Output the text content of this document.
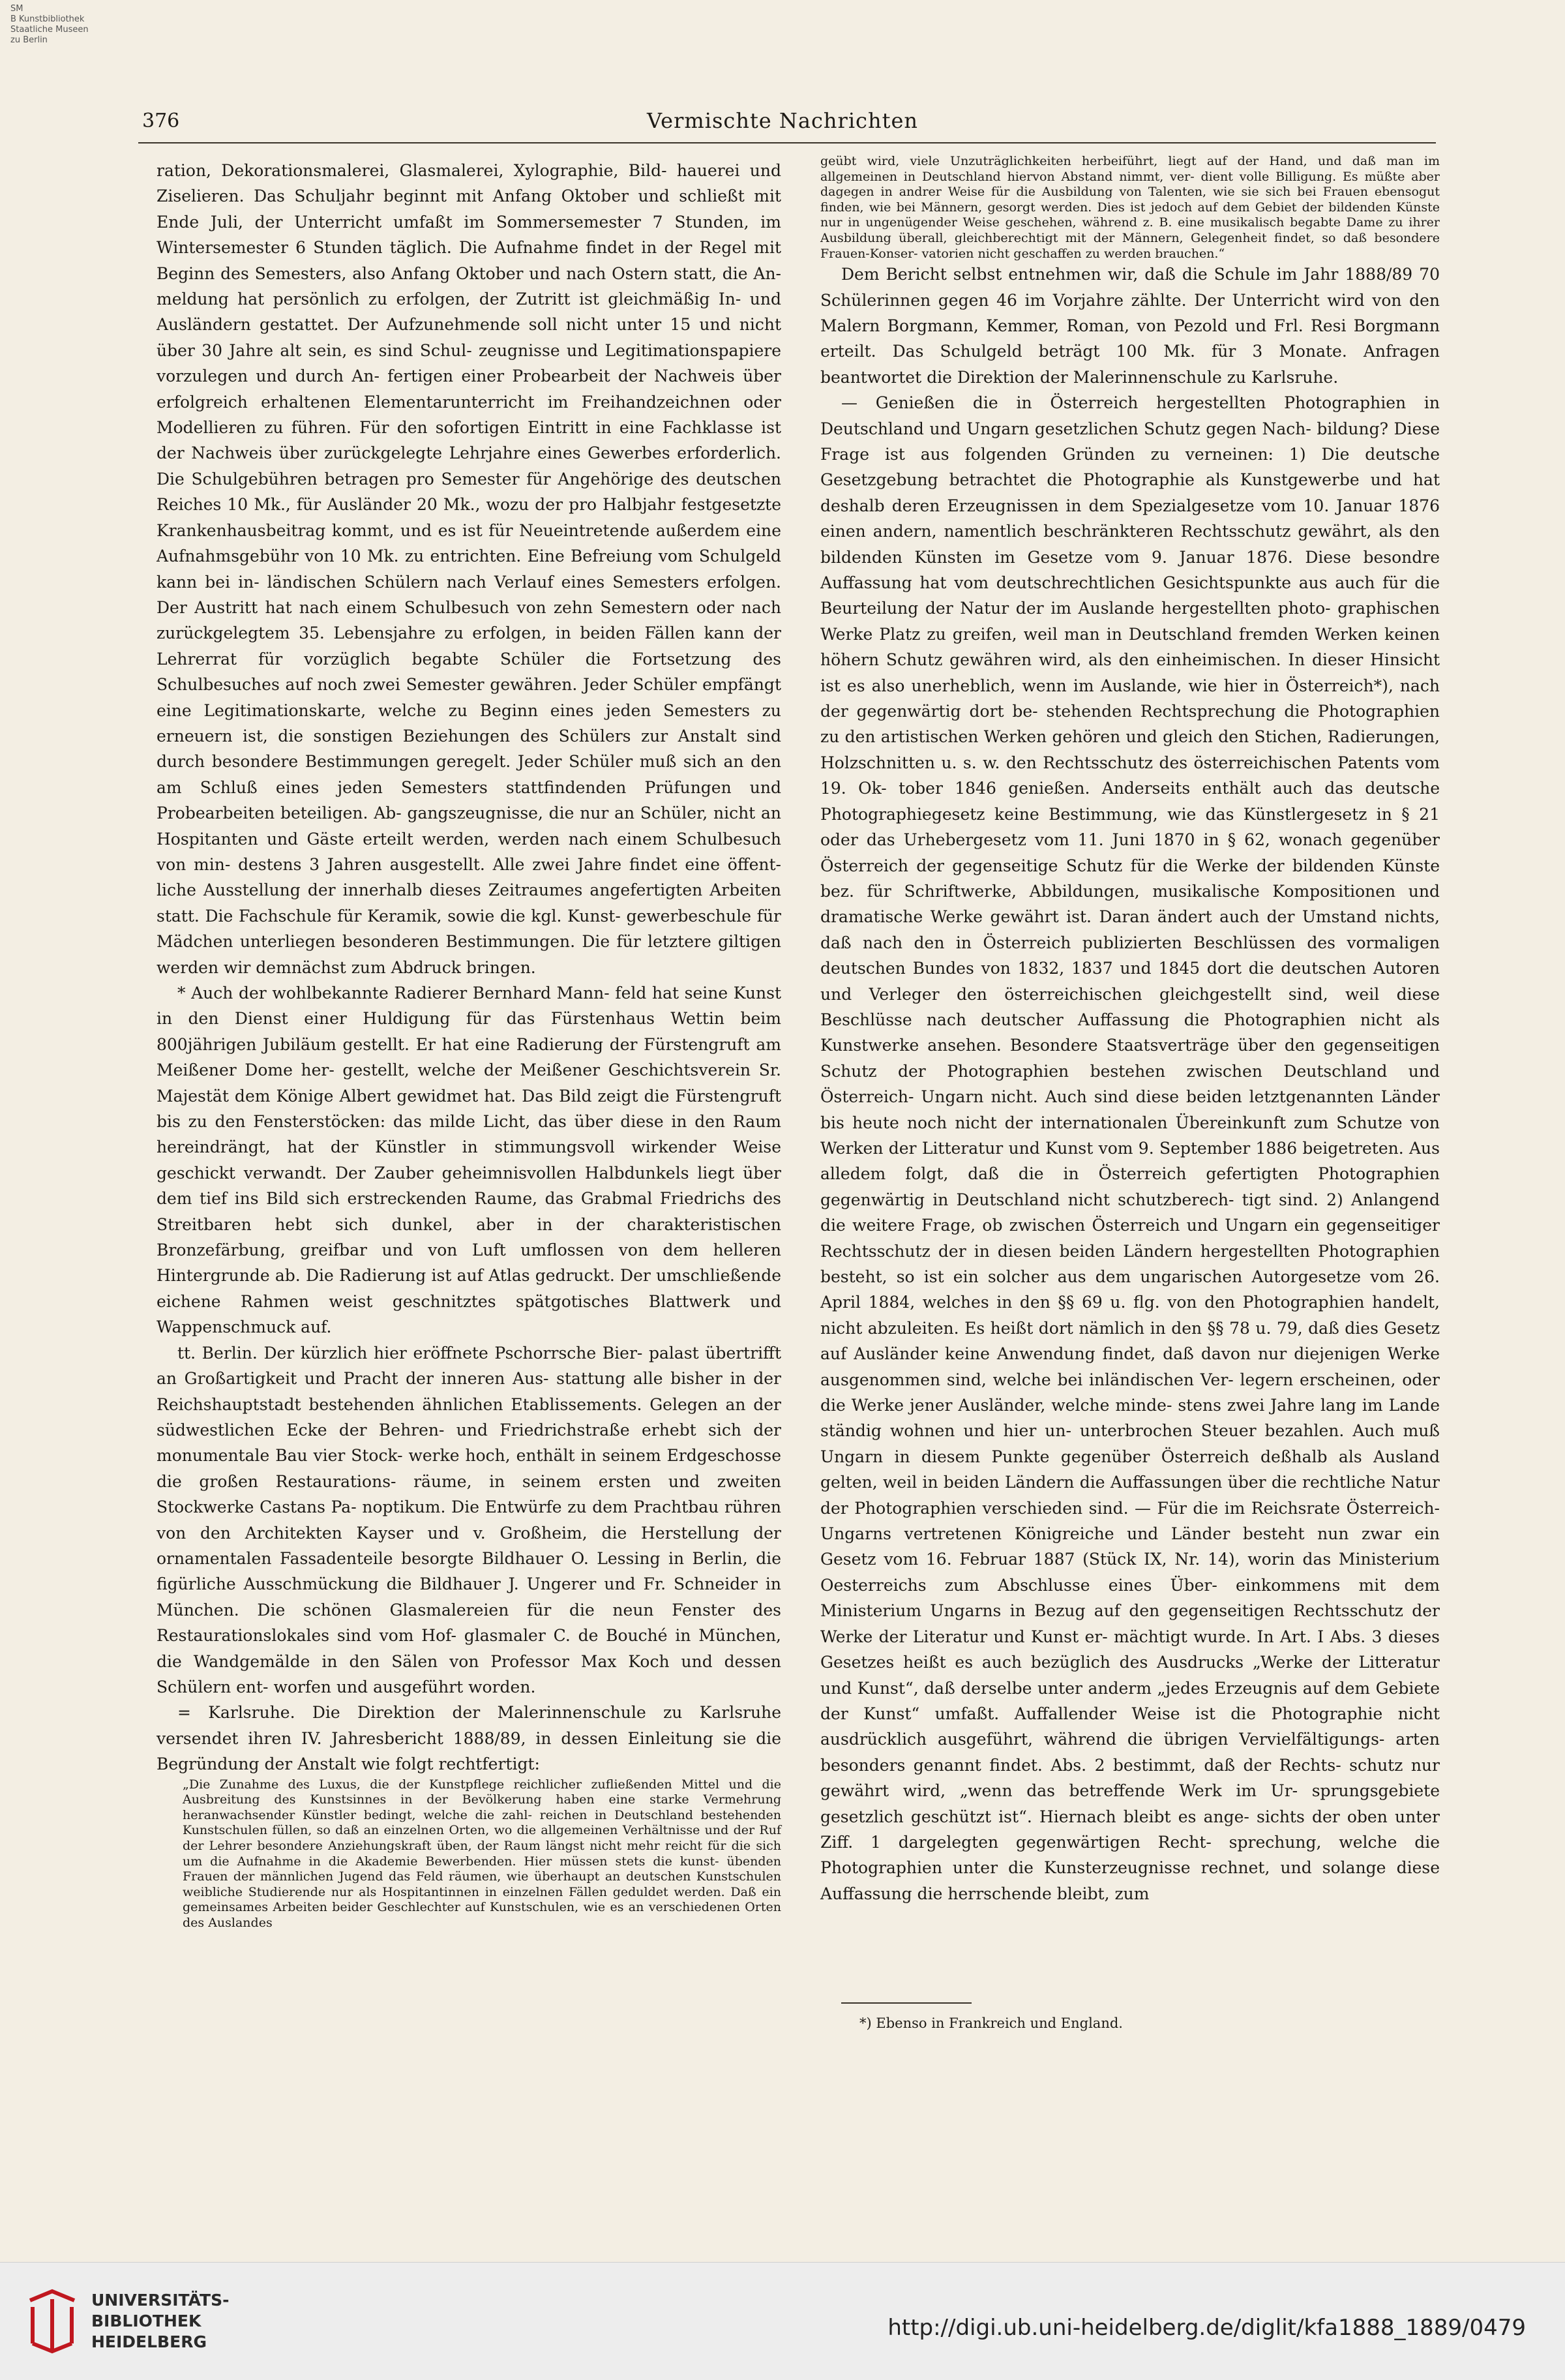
SM
B Kunstbibliothek
Staatliche Museen
zu Berlin
376	Vermischte Nachrichten

ration, Dekorationsmalerei, Glasmalerei, Xylographie, Bild- hauerei und Ziselieren. Das Schuljahr beginnt mit Anfang Oktober und schließt mit Ende Juli, der Unterricht umfaßt im Sommersemester 7 Stunden, im Wintersemester 6 Stunden täglich. Die Aufnahme findet in der Regel mit Beginn des Semesters, also Anfang Oktober und nach Ostern statt, die An- meldung hat persönlich zu erfolgen, der Zutritt ist gleichmäßig In- und Ausländern gestattet. Der Aufzunehmende soll nicht unter 15 und nicht über 30 Jahre alt sein, es sind Schul- zeugnisse und Legitimationspapiere vorzulegen und durch An- fertigen einer Probearbeit der Nachweis über erfolgreich erhaltenen Elementarunterricht im Freihandzeichnen oder Modellieren zu führen. Für den sofortigen Eintritt in eine Fachklasse ist der Nachweis über zurückgelegte Lehrjahre eines Gewerbes erforderlich. Die Schulgebühren betragen pro Semester für Angehörige des deutschen Reiches 10 Mk., für Ausländer 20 Mk., wozu der pro Halbjahr festgesetzte Krankenhausbeitrag kommt, und es ist für Neueintretende außerdem eine Aufnahmsgebühr von 10 Mk. zu entrichten. Eine Befreiung vom Schulgeld kann bei in- ländischen Schülern nach Verlauf eines Semesters erfolgen. Der Austritt hat nach einem Schulbesuch von zehn Semestern oder nach zurückgelegtem 35. Lebensjahre zu erfolgen, in beiden Fällen kann der Lehrerrat für vorzüglich begabte Schüler die Fortsetzung des Schulbesuches auf noch zwei Semester gewähren. Jeder Schüler empfängt eine Legitimationskarte, welche zu Beginn eines jeden Semesters zu erneuern ist, die sonstigen Beziehungen des Schülers zur Anstalt sind durch besondere Bestimmungen geregelt. Jeder Schüler muß sich an den am Schluß eines jeden Semesters stattfindenden Prüfungen und Probearbeiten beteiligen. Ab- gangszeugnisse, die nur an Schüler, nicht an Hospitanten und Gäste erteilt werden, werden nach einem Schulbesuch von min- destens 3 Jahren ausgestellt. Alle zwei Jahre findet eine öffent- liche Ausstellung der innerhalb dieses Zeitraumes angefertigten Arbeiten statt. Die Fachschule für Keramik, sowie die kgl. Kunst- gewerbeschule für Mädchen unterliegen besonderen Bestimmungen. Die für letztere giltigen werden wir demnächst zum Abdruck bringen.

* Auch der wohlbekannte Radierer Bernhard Mann- feld hat seine Kunst in den Dienst einer Huldigung für das Fürstenhaus Wettin beim 800jährigen Jubiläum gestellt. Er hat eine Radierung der Fürstengruft am Meißener Dome her- gestellt, welche der Meißener Geschichtsverein Sr. Majestät dem Könige Albert gewidmet hat. Das Bild zeigt die Fürstengruft bis zu den Fensterstöcken: das milde Licht, das über diese in den Raum hereindrängt, hat der Künstler in stimmungsvoll wirkender Weise geschickt verwandt. Der Zauber geheimnisvollen Halbdunkels liegt über dem tief ins Bild sich erstreckenden Raume, das Grabmal Friedrichs des Streitbaren hebt sich dunkel, aber in der charakteristischen Bronzefärbung, greifbar und von Luft umflossen von dem helleren Hintergrunde ab. Die Radierung ist auf Atlas gedruckt. Der umschließende eichene Rahmen weist geschnitztes spätgotisches Blattwerk und Wappenschmuck auf.

tt. Berlin. Der kürzlich hier eröffnete Pschorrsche Bier- palast übertrifft an Großartigkeit und Pracht der inneren Aus- stattung alle bisher in der Reichshauptstadt bestehenden ähnlichen Etablissements. Gelegen an der südwestlichen Ecke der Behren- und Friedrichstraße erhebt sich der monumentale Bau vier Stock- werke hoch, enthält in seinem Erdgeschosse die großen Restaurations- räume, in seinem ersten und zweiten Stockwerke Castans Pa- noptikum. Die Entwürfe zu dem Prachtbau rühren von den Architekten Kayser und v. Großheim, die Herstellung der ornamentalen Fassadenteile besorgte Bildhauer O. Lessing in Berlin, die figürliche Ausschmückung die Bildhauer J. Ungerer und Fr. Schneider in München. Die schönen Glasmalereien für die neun Fenster des Restaurationslokales sind vom Hof- glasmaler C. de Bouché in München, die Wandgemälde in den Sälen von Professor Max Koch und dessen Schülern ent- worfen und ausgeführt worden.

= Karlsruhe. Die Direktion der Malerinnenschule zu Karlsruhe versendet ihren IV. Jahresbericht 1888/89, in dessen Einleitung sie die Begründung der Anstalt wie folgt rechtfertigt:

„Die Zunahme des Luxus, die der Kunstpflege reichlicher zufließenden Mittel und die Ausbreitung des Kunstsinnes in der Bevölkerung haben eine starke Vermehrung heranwachsender Künstler bedingt, welche die zahl- reichen in Deutschland bestehenden Kunstschulen füllen, so daß an einzelnen Orten, wo die allgemeinen Verhältnisse und der Ruf der Lehrer besondere Anziehungskraft üben, der Raum längst nicht mehr reicht für die sich um die Aufnahme in die Akademie Bewerbenden. Hier müssen stets die kunst- übenden Frauen der männlichen Jugend das Feld räumen, wie überhaupt an deutschen Kunstschulen weibliche Studierende nur als Hospitantinnen in einzelnen Fällen geduldet werden. Daß ein gemeinsames Arbeiten beider Geschlechter auf Kunstschulen, wie es an verschiedenen Orten des Auslandes

geübt wird, viele Unzuträglichkeiten herbeiführt, liegt auf der Hand, und daß man im allgemeinen in Deutschland hiervon Abstand nimmt, ver- dient volle Billigung. Es müßte aber dagegen in andrer Weise für die Ausbildung von Talenten, wie sie sich bei Frauen ebensogut finden, wie bei Männern, gesorgt werden. Dies ist jedoch auf dem Gebiet der bildenden Künste nur in ungenügender Weise geschehen, während z. B. eine musikalisch begabte Dame zu ihrer Ausbildung überall, gleichberechtigt mit der Männern, Gelegenheit findet, so daß besondere Frauen-Konser- vatorien nicht geschaffen zu werden brauchen.“

Dem Bericht selbst entnehmen wir, daß die Schule im Jahr 1888/89 70 Schülerinnen gegen 46 im Vorjahre zählte. Der Unterricht wird von den Malern Borgmann, Kemmer, Roman, von Pezold und Frl. Resi Borgmann erteilt. Das Schulgeld beträgt 100 Mk. für 3 Monate. Anfragen beantwortet die Direktion der Malerinnenschule zu Karlsruhe.

— Genießen die in Österreich hergestellten Photographien in Deutschland und Ungarn gesetzlichen Schutz gegen Nach- bildung? Diese Frage ist aus folgenden Gründen zu verneinen: 1) Die deutsche Gesetzgebung betrachtet die Photographie als Kunstgewerbe und hat deshalb deren Erzeugnissen in dem Spezialgesetze vom 10. Januar 1876 einen andern, namentlich beschränkteren Rechtsschutz gewährt, als den bildenden Künsten im Gesetze vom 9. Januar 1876. Diese besondre Auffassung hat vom deutschrechtlichen Gesichtspunkte aus auch für die Beurteilung der Natur der im Auslande hergestellten photo- graphischen Werke Platz zu greifen, weil man in Deutschland fremden Werken keinen höhern Schutz gewähren wird, als den einheimischen. In dieser Hinsicht ist es also unerheblich, wenn im Auslande, wie hier in Österreich*), nach der gegenwärtig dort be- stehenden Rechtsprechung die Photographien zu den artistischen Werken gehören und gleich den Stichen, Radierungen, Holzschnitten u. s. w. den Rechtsschutz des österreichischen Patents vom 19. Ok- tober 1846 genießen. Anderseits enthält auch das deutsche Photographiegesetz keine Bestimmung, wie das Künstlergesetz in § 21 oder das Urhebergesetz vom 11. Juni 1870 in § 62, wonach gegenüber Österreich der gegenseitige Schutz für die Werke der bildenden Künste bez. für Schriftwerke, Abbildungen, musikalische Kompositionen und dramatische Werke gewährt ist. Daran ändert auch der Umstand nichts, daß nach den in Österreich publizierten Beschlüssen des vormaligen deutschen Bundes von 1832, 1837 und 1845 dort die deutschen Autoren und Verleger den österreichischen gleichgestellt sind, weil diese Beschlüsse nach deutscher Auffassung die Photographien nicht als Kunstwerke ansehen. Besondere Staatsverträge über den gegenseitigen Schutz der Photographien bestehen zwischen Deutschland und Österreich- Ungarn nicht. Auch sind diese beiden letztgenannten Länder bis heute noch nicht der internationalen Übereinkunft zum Schutze von Werken der Litteratur und Kunst vom 9. September 1886 beigetreten. Aus alledem folgt, daß die in Österreich gefertigten Photographien gegenwärtig in Deutschland nicht schutzberech- tigt sind. 2) Anlangend die weitere Frage, ob zwischen Österreich und Ungarn ein gegenseitiger Rechtsschutz der in diesen beiden Ländern hergestellten Photographien besteht, so ist ein solcher aus dem ungarischen Autorgesetze vom 26. April 1884, welches in den §§ 69 u. flg. von den Photographien handelt, nicht abzuleiten. Es heißt dort nämlich in den §§ 78 u. 79, daß dies Gesetz auf Ausländer keine Anwendung findet, daß davon nur diejenigen Werke ausgenommen sind, welche bei inländischen Ver- legern erscheinen, oder die Werke jener Ausländer, welche minde- stens zwei Jahre lang im Lande ständig wohnen und hier un- unterbrochen Steuer bezahlen. Auch muß Ungarn in diesem Punkte gegenüber Österreich deßhalb als Ausland gelten, weil in beiden Ländern die Auffassungen über die rechtliche Natur der Photographien verschieden sind. — Für die im Reichsrate Österreich-Ungarns vertretenen Königreiche und Länder besteht nun zwar ein Gesetz vom 16. Februar 1887 (Stück IX, Nr. 14), worin das Ministerium Oesterreichs zum Abschlusse eines Über- einkommens mit dem Ministerium Ungarns in Bezug auf den gegenseitigen Rechtsschutz der Werke der Literatur und Kunst er- mächtigt wurde. In Art. I Abs. 3 dieses Gesetzes heißt es auch bezüglich des Ausdrucks „Werke der Litteratur und Kunst“, daß derselbe unter anderm „jedes Erzeugnis auf dem Gebiete der Kunst“ umfaßt. Auffallender Weise ist die Photographie nicht ausdrücklich ausgeführt, während die übrigen Vervielfältigungs- arten besonders genannt findet. Abs. 2 bestimmt, daß der Rechts- schutz nur gewährt wird, „wenn das betreffende Werk im Ur- sprungsgebiete gesetzlich geschützt ist“. Hiernach bleibt es ange- sichts der oben unter Ziff. 1 dargelegten gegenwärtigen Recht- sprechung, welche die Photographien unter die Kunsterzeugnisse rechnet, und solange diese Auffassung die herrschende bleibt, zum

*) Ebenso in Frankreich und England.
UNIVERSITÄTS-
BIBLIOTHEK
HEIDELBERG
http://digi.ub.uni-heidelberg.de/diglit/kfa1888_1889/0479
